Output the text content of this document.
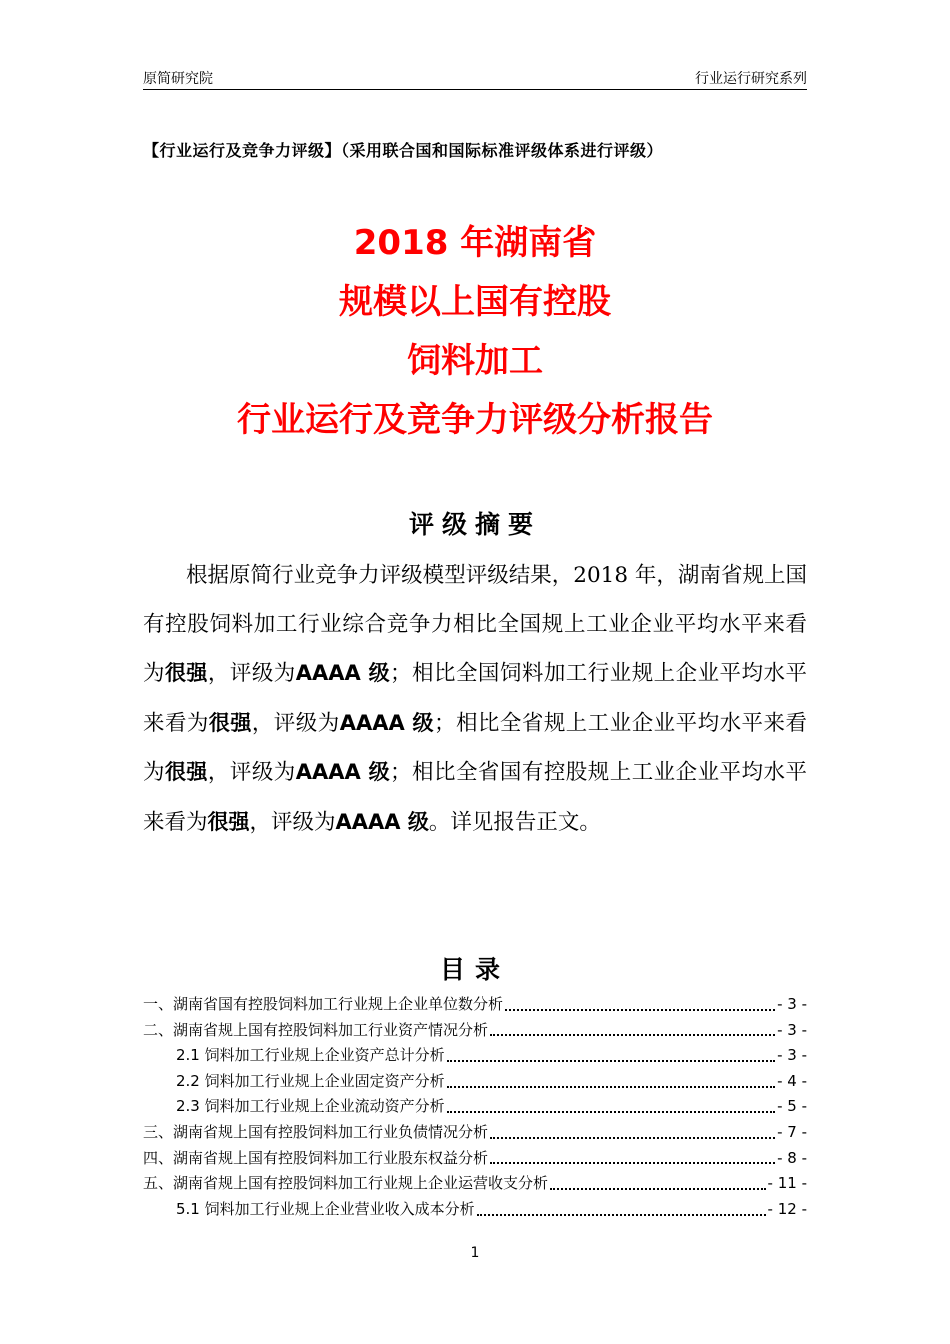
原简研究院	行业运行研究系列
【行业运行及竞争力评级】（采用联合国和国际标准评级体系进行评级）
2018 年湖南省
规模以上国有控股
饲料加工
行业运行及竞争力评级分析报告
评级摘要
根据原简行业竞争力评级模型评级结果，2018 年，湖南省规上国有控股饲料加工行业综合竞争力相比全国规上工业企业平均水平来看为很强，评级为AAAA 级；相比全国饲料加工行业规上企业平均水平来看为很强，评级为AAAA 级；相比全省规上工业企业平均水平来看为很强，评级为AAAA 级；相比全省国有控股规上工业企业平均水平来看为很强，评级为AAAA 级。详见报告正文。
目录
一、湖南省国有控股饲料加工行业规上企业单位数分析	- 3 -
二、湖南省规上国有控股饲料加工行业资产情况分析	- 3 -
2.1 饲料加工行业规上企业资产总计分析	- 3 -
2.2 饲料加工行业规上企业固定资产分析	- 4 -
2.3 饲料加工行业规上企业流动资产分析	- 5 -
三、湖南省规上国有控股饲料加工行业负债情况分析	- 7 -
四、湖南省规上国有控股饲料加工行业股东权益分析	- 8 -
五、湖南省规上国有控股饲料加工行业规上企业运营收支分析	- 11 -
5.1 饲料加工行业规上企业营业收入成本分析	- 12 -
1
